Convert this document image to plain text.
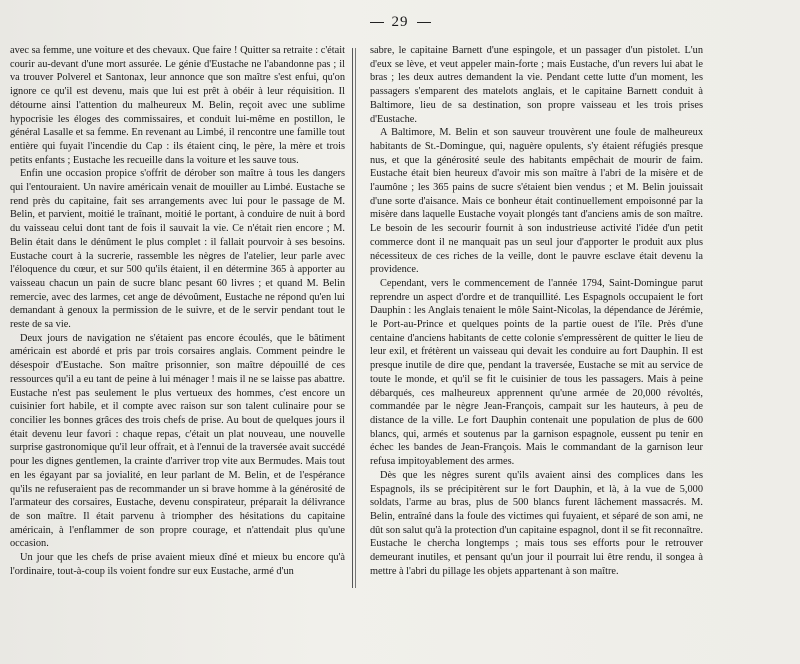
29

avec sa femme, une voiture et des chevaux. Que faire ! Quitter sa retraite : c'était courir au-devant d'une mort assurée. Le génie d'Eustache ne l'abandonne pas ; il va trouver Polverel et Santonax, leur annonce que son maître s'est enfui, qu'on ignore ce qu'il est devenu, mais que lui est prêt à obéir à leur réquisition. Il détourne ainsi l'attention du malheureux M. Belin, reçoit avec une sublime hypocrisie les éloges des commissaires, et conduit lui-même en postillon, le général Lasalle et sa femme. En revenant au Limbé, il rencontre une famille tout entière qui fuyait l'incendie du Cap : ils étaient cinq, le père, la mère et trois petits enfants ; Eustache les recueille dans la voiture et les sauve tous.

Enfin une occasion propice s'offrit de dérober son maître à tous les dangers qui l'entouraient. Un navire américain venait de mouiller au Limbé. Eustache se rend près du capitaine, fait ses arrangements avec lui pour le passage de M. Belin, et parvient, moitié le traînant, moitié le portant, à conduire de nuit à bord du vaisseau celui dont tant de fois il sauvait la vie. Ce n'était rien encore ; M. Belin était dans le dénûment le plus complet : il fallait pourvoir à ses besoins. Eustache court à la sucrerie, rassemble les nègres de l'atelier, leur parle avec l'éloquence du cœur, et sur 500 qu'ils étaient, il en détermine 365 à apporter au vaisseau chacun un pain de sucre blanc pesant 60 livres ; et quand M. Belin remercie, avec des larmes, cet ange de dévoûment, Eustache ne répond qu'en lui demandant à genoux la permission de le suivre, et de le servir pendant tout le reste de sa vie.

Deux jours de navigation ne s'étaient pas encore écoulés, que le bâtiment américain est abordé et pris par trois corsaires anglais. Comment peindre le désespoir d'Eustache. Son maître prisonnier, son maître dépouillé de ces ressources qu'il a eu tant de peine à lui ménager ! mais il ne se laisse pas abattre. Eustache n'est pas seulement le plus vertueux des hommes, c'est encore un cuisinier fort habile, et il compte avec raison sur son talent culinaire pour se concilier les bonnes grâces des trois chefs de prise. Au bout de quelques jours il était devenu leur favori : chaque repas, c'était un plat nouveau, une nouvelle surprise gastronomique qu'il leur offrait, et à l'ennui de la traversée avait succédé pour les dignes gentlemen, la crainte d'arriver trop vite aux Bermudes. Mais tout en les égayant par sa jovialité, en leur parlant de M. Belin, et de l'espérance qu'ils ne refuseraient pas de recommander un si brave homme à la générosité de l'armateur des corsaires, Eustache, devenu conspirateur, préparait la délivrance de son maître. Il était parvenu à triompher des hésitations du capitaine américain, à l'enflammer de son propre courage, et n'attendait plus qu'une occasion.

Un jour que les chefs de prise avaient mieux dîné et mieux bu encore qu'à l'ordinaire, tout-à-coup ils voient fondre sur eux Eustache, armé d'un

sabre, le capitaine Barnett d'une espingole, et un passager d'un pistolet. L'un d'eux se lève, et veut appeler main-forte ; mais Eustache, d'un revers lui abat le bras ; les deux autres demandent la vie. Pendant cette lutte d'un moment, les passagers s'emparent des matelots anglais, et le capitaine Barnett conduit à Baltimore, lieu de sa destination, son propre vaisseau et les trois prises d'Eustache.

A Baltimore, M. Belin et son sauveur trouvèrent une foule de malheureux habitants de St.-Domingue, qui, naguère opulents, s'y étaient réfugiés presque nus, et que la générosité seule des habitants empêchait de mourir de faim. Eustache était bien heureux d'avoir mis son maître à l'abri de la misère et de l'aumône ; les 365 pains de sucre s'étaient bien vendus ; et M. Belin jouissait d'une sorte d'aisance. Mais ce bonheur était continuellement empoisonné par la misère dans laquelle Eustache voyait plongés tant d'anciens amis de son maître. Le besoin de les secourir fournit à son industrieuse activité l'idée d'un petit commerce dont il ne manquait pas un seul jour d'apporter le produit aux plus nécessiteux de ces riches de la veille, dont le pauvre esclave était devenu la providence.

Cependant, vers le commencement de l'année 1794, Saint-Domingue parut reprendre un aspect d'ordre et de tranquillité. Les Espagnols occupaient le fort Dauphin : les Anglais tenaient le môle Saint-Nicolas, la dépendance de Jérémie, le Port-au-Prince et quelques points de la partie ouest de l'île. Près d'une centaine d'anciens habitants de cette colonie s'empressèrent de quitter le lieu de leur exil, et frétèrent un vaisseau qui devait les conduire au fort Dauphin. Il est presque inutile de dire que, pendant la traversée, Eustache se mit au service de toute le monde, et qu'il se fit le cuisinier de tous les passagers. Mais à peine débarqués, ces malheureux apprennent qu'une armée de 20,000 révoltés, commandée par le nègre Jean-François, campait sur les hauteurs, à peu de distance de la ville. Le fort Dauphin contenait une population de plus de 600 blancs, qui, armés et soutenus par la garnison espagnole, eussent pu tenir en échec les bandes de Jean-François. Mais le commandant de la garnison leur refusa impitoyablement des armes.

Dès que les nègres surent qu'ils avaient ainsi des complices dans les Espagnols, ils se précipitèrent sur le fort Dauphin, et là, à la vue de 5,000 soldats, l'arme au bras, plus de 500 blancs furent lâchement massacrés. M. Belin, entraîné dans la foule des victimes qui fuyaient, et séparé de son ami, ne dût son salut qu'à la protection d'un capitaine espagnol, dont il se fit reconnaître. Eustache le chercha longtemps ; mais tous ses efforts pour le retrouver demeurant inutiles, et pensant qu'un jour il pourrait lui être rendu, il songea à mettre à l'abri du pillage les objets appartenant à son maître.
